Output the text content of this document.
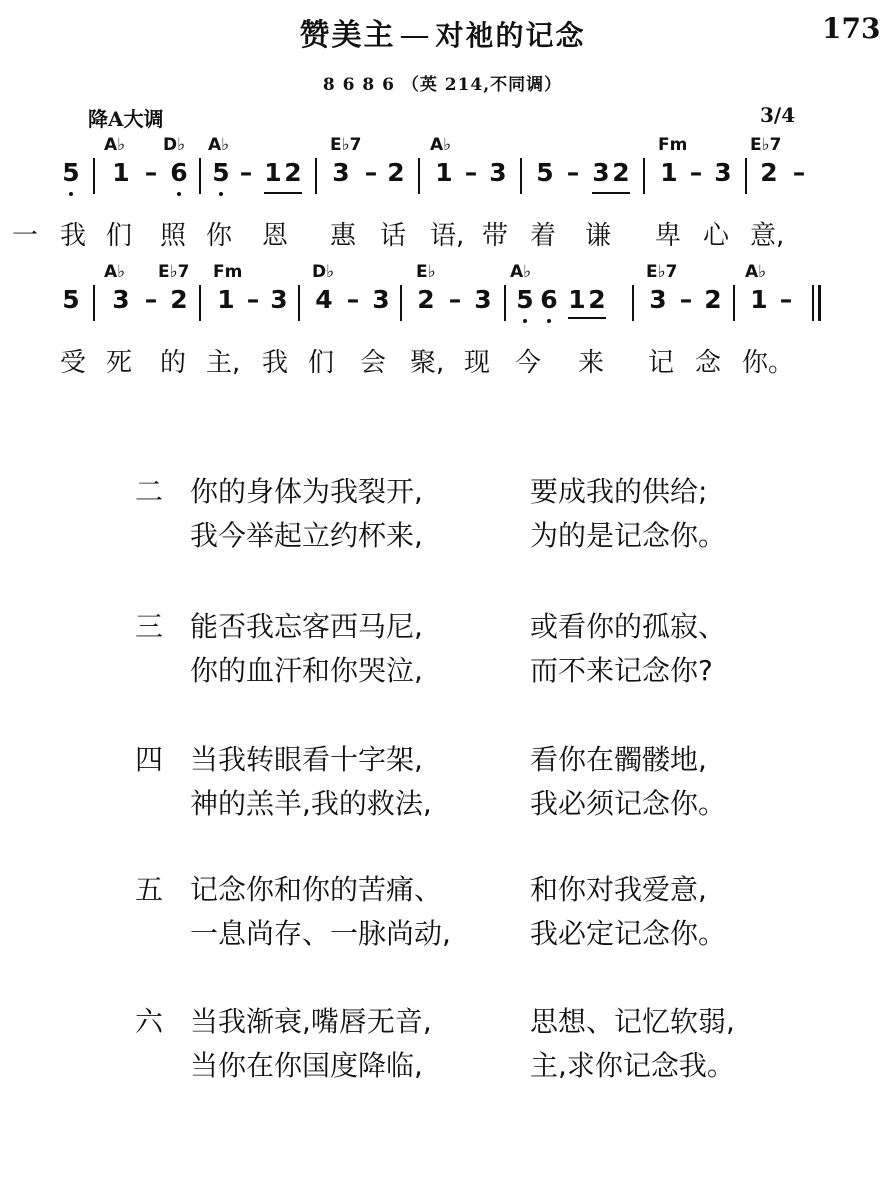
赞美主 — 对祂的记念	173
8 6 8 6 （英 214,不同调）
降A大调	3/4
A♭ D♭ A♭	E♭7	A♭	Fm	E♭7
5 1 – 6 5 – 1 2 3 – 2 1 – 3 5 – 3 2 1 – 3 2 –
一 我 们 照 你 恩 惠 话 语, 带 着 谦 卑 心 意,
A♭ E♭7 Fm	D♭	E♭	A♭	E♭7	A♭
5 3 – 2 1 – 3 4 – 3 2 – 3 5 6 1 2 3 – 2 1 –
受 死 的 主, 我 们 会 聚, 现 今 来 记 念 你。
二 你的身体为我裂开,	要成我的供给;
我今举起立约杯来,	为的是记念你。
三 能否我忘客西马尼,	或看你的孤寂、
你的血汗和你哭泣,	而不来记念你?
四 当我转眼看十字架,	看你在髑髅地,
神的羔羊,我的救法,	我必须记念你。
五 记念你和你的苦痛、	和你对我爱意,
一息尚存、一脉尚动,	我必定记念你。
六 当我渐衰,嘴唇无音,	思想、记忆软弱,
当你在你国度降临,	主,求你记念我。
